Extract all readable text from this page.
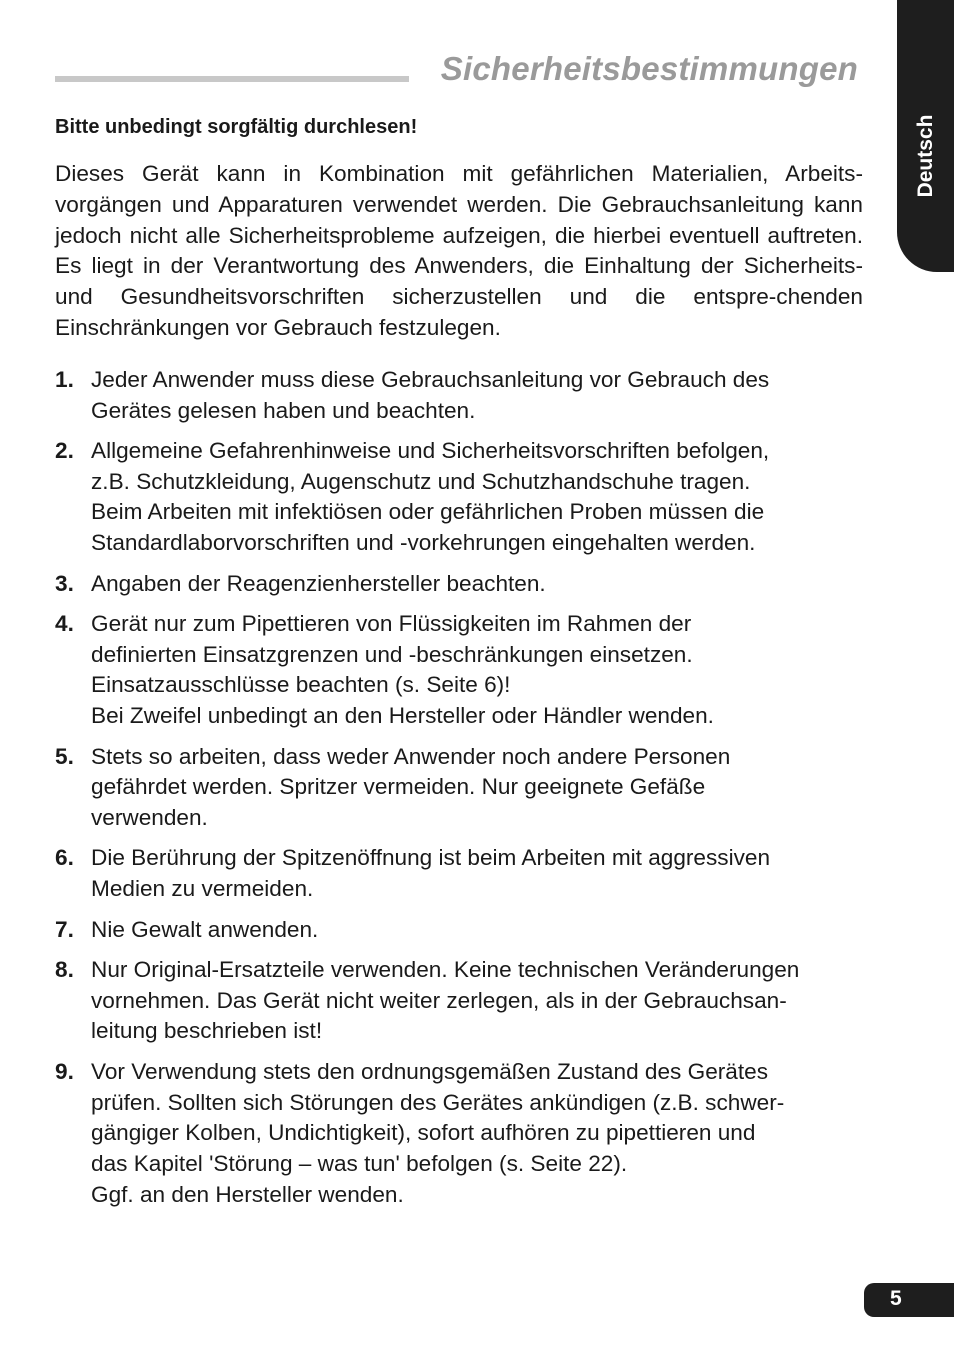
Sicherheitsbestimmungen
Deutsch

Bitte unbedingt sorgfältig durchlesen!

Dieses Gerät kann in Kombination mit gefährlichen Materialien, Arbeits-vorgängen und Apparaturen verwendet werden. Die Gebrauchsanleitung kann jedoch nicht alle Sicherheitsprobleme aufzeigen, die hierbei eventuell auftreten. Es liegt in der Verantwortung des Anwenders, die Einhaltung der Sicherheits- und Gesundheitsvorschriften sicherzustellen und die entspre-chenden Einschränkungen vor Gebrauch festzulegen.

1. Jeder Anwender muss diese Gebrauchsanleitung vor Gebrauch des
Gerätes gelesen haben und beachten.
2. Allgemeine Gefahrenhinweise und Sicherheitsvorschriften befolgen,
z.B. Schutzkleidung, Augenschutz und Schutzhandschuhe tragen.
Beim Arbeiten mit infektiösen oder gefährlichen Proben müssen die
Standardlaborvorschriften und -vorkehrungen eingehalten werden.
3. Angaben der Reagenzienhersteller beachten.
4. Gerät nur zum Pipettieren von Flüssigkeiten im Rahmen der
definierten Einsatzgrenzen und -beschränkungen einsetzen.
Einsatzausschlüsse beachten (s. Seite 6)!
Bei Zweifel unbedingt an den Hersteller oder Händler wenden.
5. Stets so arbeiten, dass weder Anwender noch andere Personen
gefährdet werden. Spritzer vermeiden. Nur geeignete Gefäße
verwenden.
6. Die Berührung der Spitzenöffnung ist beim Arbeiten mit aggressiven
Medien zu vermeiden.
7. Nie Gewalt anwenden.
8. Nur Original-Ersatzteile verwenden. Keine technischen Veränderungen
vornehmen. Das Gerät nicht weiter zerlegen, als in der Gebrauchsan-
leitung beschrieben ist!
9. Vor Verwendung stets den ordnungsgemäßen Zustand des Gerätes
prüfen. Sollten sich Störungen des Gerätes ankündigen (z.B. schwer-
gängiger Kolben, Undichtigkeit), sofort aufhören zu pipettieren und
das Kapitel 'Störung – was tun' befolgen (s. Seite 22).
Ggf. an den Hersteller wenden.
5
